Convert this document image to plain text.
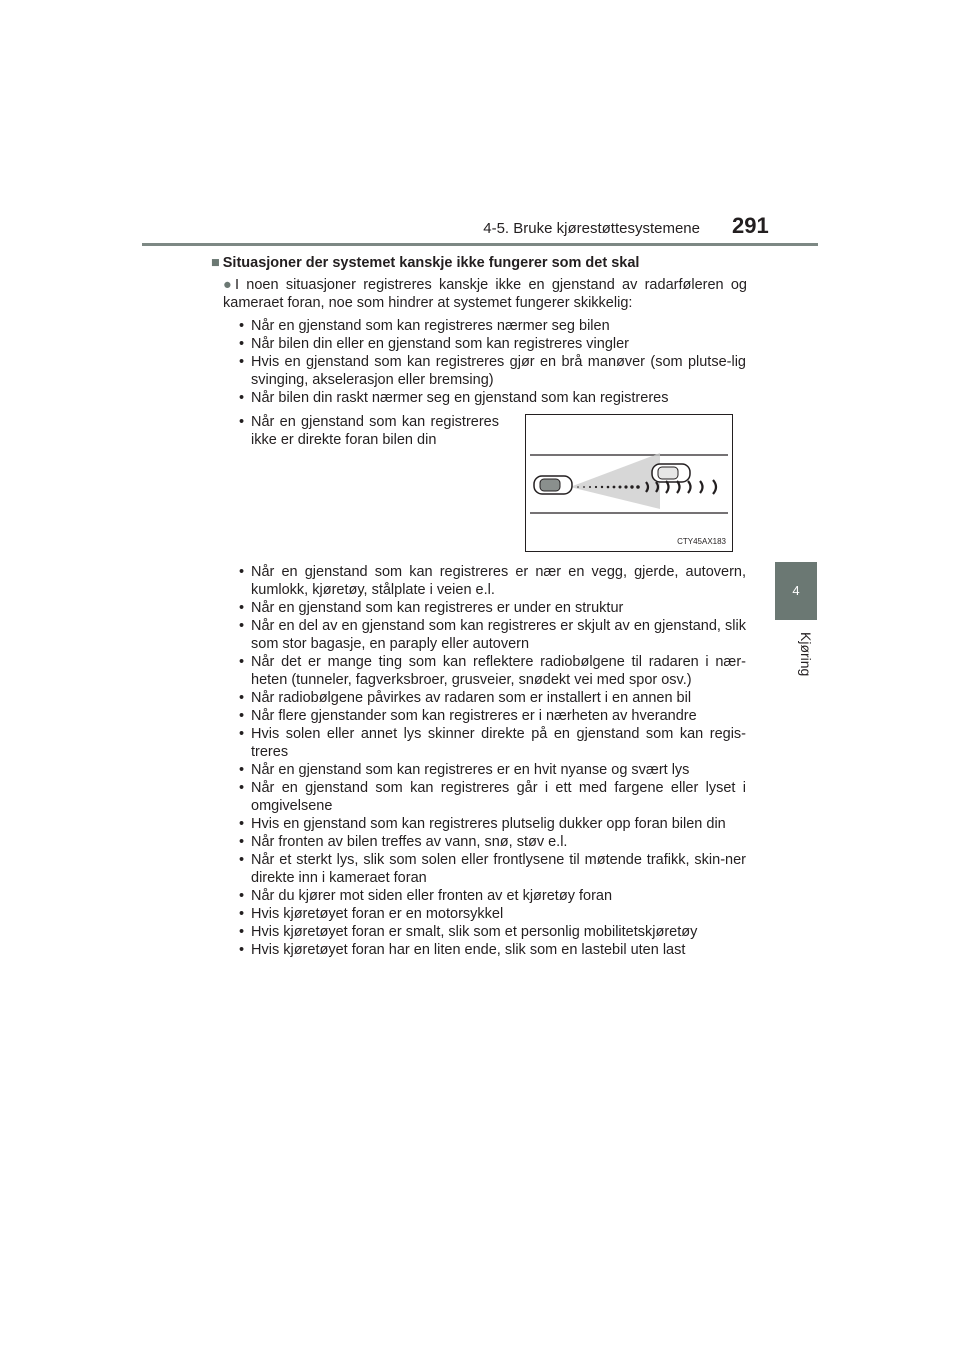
4-5. Bruke kjørestøttesystemene 291
4
Kjøring
■ Situasjoner der systemet kanskje ikke fungerer som det skal
●I noen situasjoner registreres kanskje ikke en gjenstand av radarføleren og kameraet foran, noe som hindrer at systemet fungerer skikkelig:
• Når en gjenstand som kan registreres nærmer seg bilen
• Når bilen din eller en gjenstand som kan registreres vingler
• Hvis en gjenstand som kan registreres gjør en brå manøver (som plutse-lig svinging, akselerasjon eller bremsing)
• Når bilen din raskt nærmer seg en gjenstand som kan registreres
• Når en gjenstand som kan registreres ikke er direkte foran bilen din
CTY45AX183
• Når en gjenstand som kan registreres er nær en vegg, gjerde, autovern, kumlokk, kjøretøy, stålplate i veien e.l.
• Når en gjenstand som kan registreres er under en struktur
• Når en del av en gjenstand som kan registreres er skjult av en gjenstand, slik som stor bagasje, en paraply eller autovern
• Når det er mange ting som kan reflektere radiobølgene til radaren i nær-heten (tunneler, fagverksbroer, grusveier, snødekt vei med spor osv.)
• Når radiobølgene påvirkes av radaren som er installert i en annen bil
• Når flere gjenstander som kan registreres er i nærheten av hverandre
• Hvis solen eller annet lys skinner direkte på en gjenstand som kan regis-treres
• Når en gjenstand som kan registreres er en hvit nyanse og svært lys
• Når en gjenstand som kan registreres går i ett med fargene eller lyset i omgivelsene
• Hvis en gjenstand som kan registreres plutselig dukker opp foran bilen din
• Når fronten av bilen treffes av vann, snø, støv e.l.
• Når et sterkt lys, slik som solen eller frontlysene til møtende trafikk, skin-ner direkte inn i kameraet foran
• Når du kjører mot siden eller fronten av et kjøretøy foran
• Hvis kjøretøyet foran er en motorsykkel
• Hvis kjøretøyet foran er smalt, slik som et personlig mobilitetskjøretøy
• Hvis kjøretøyet foran har en liten ende, slik som en lastebil uten last
